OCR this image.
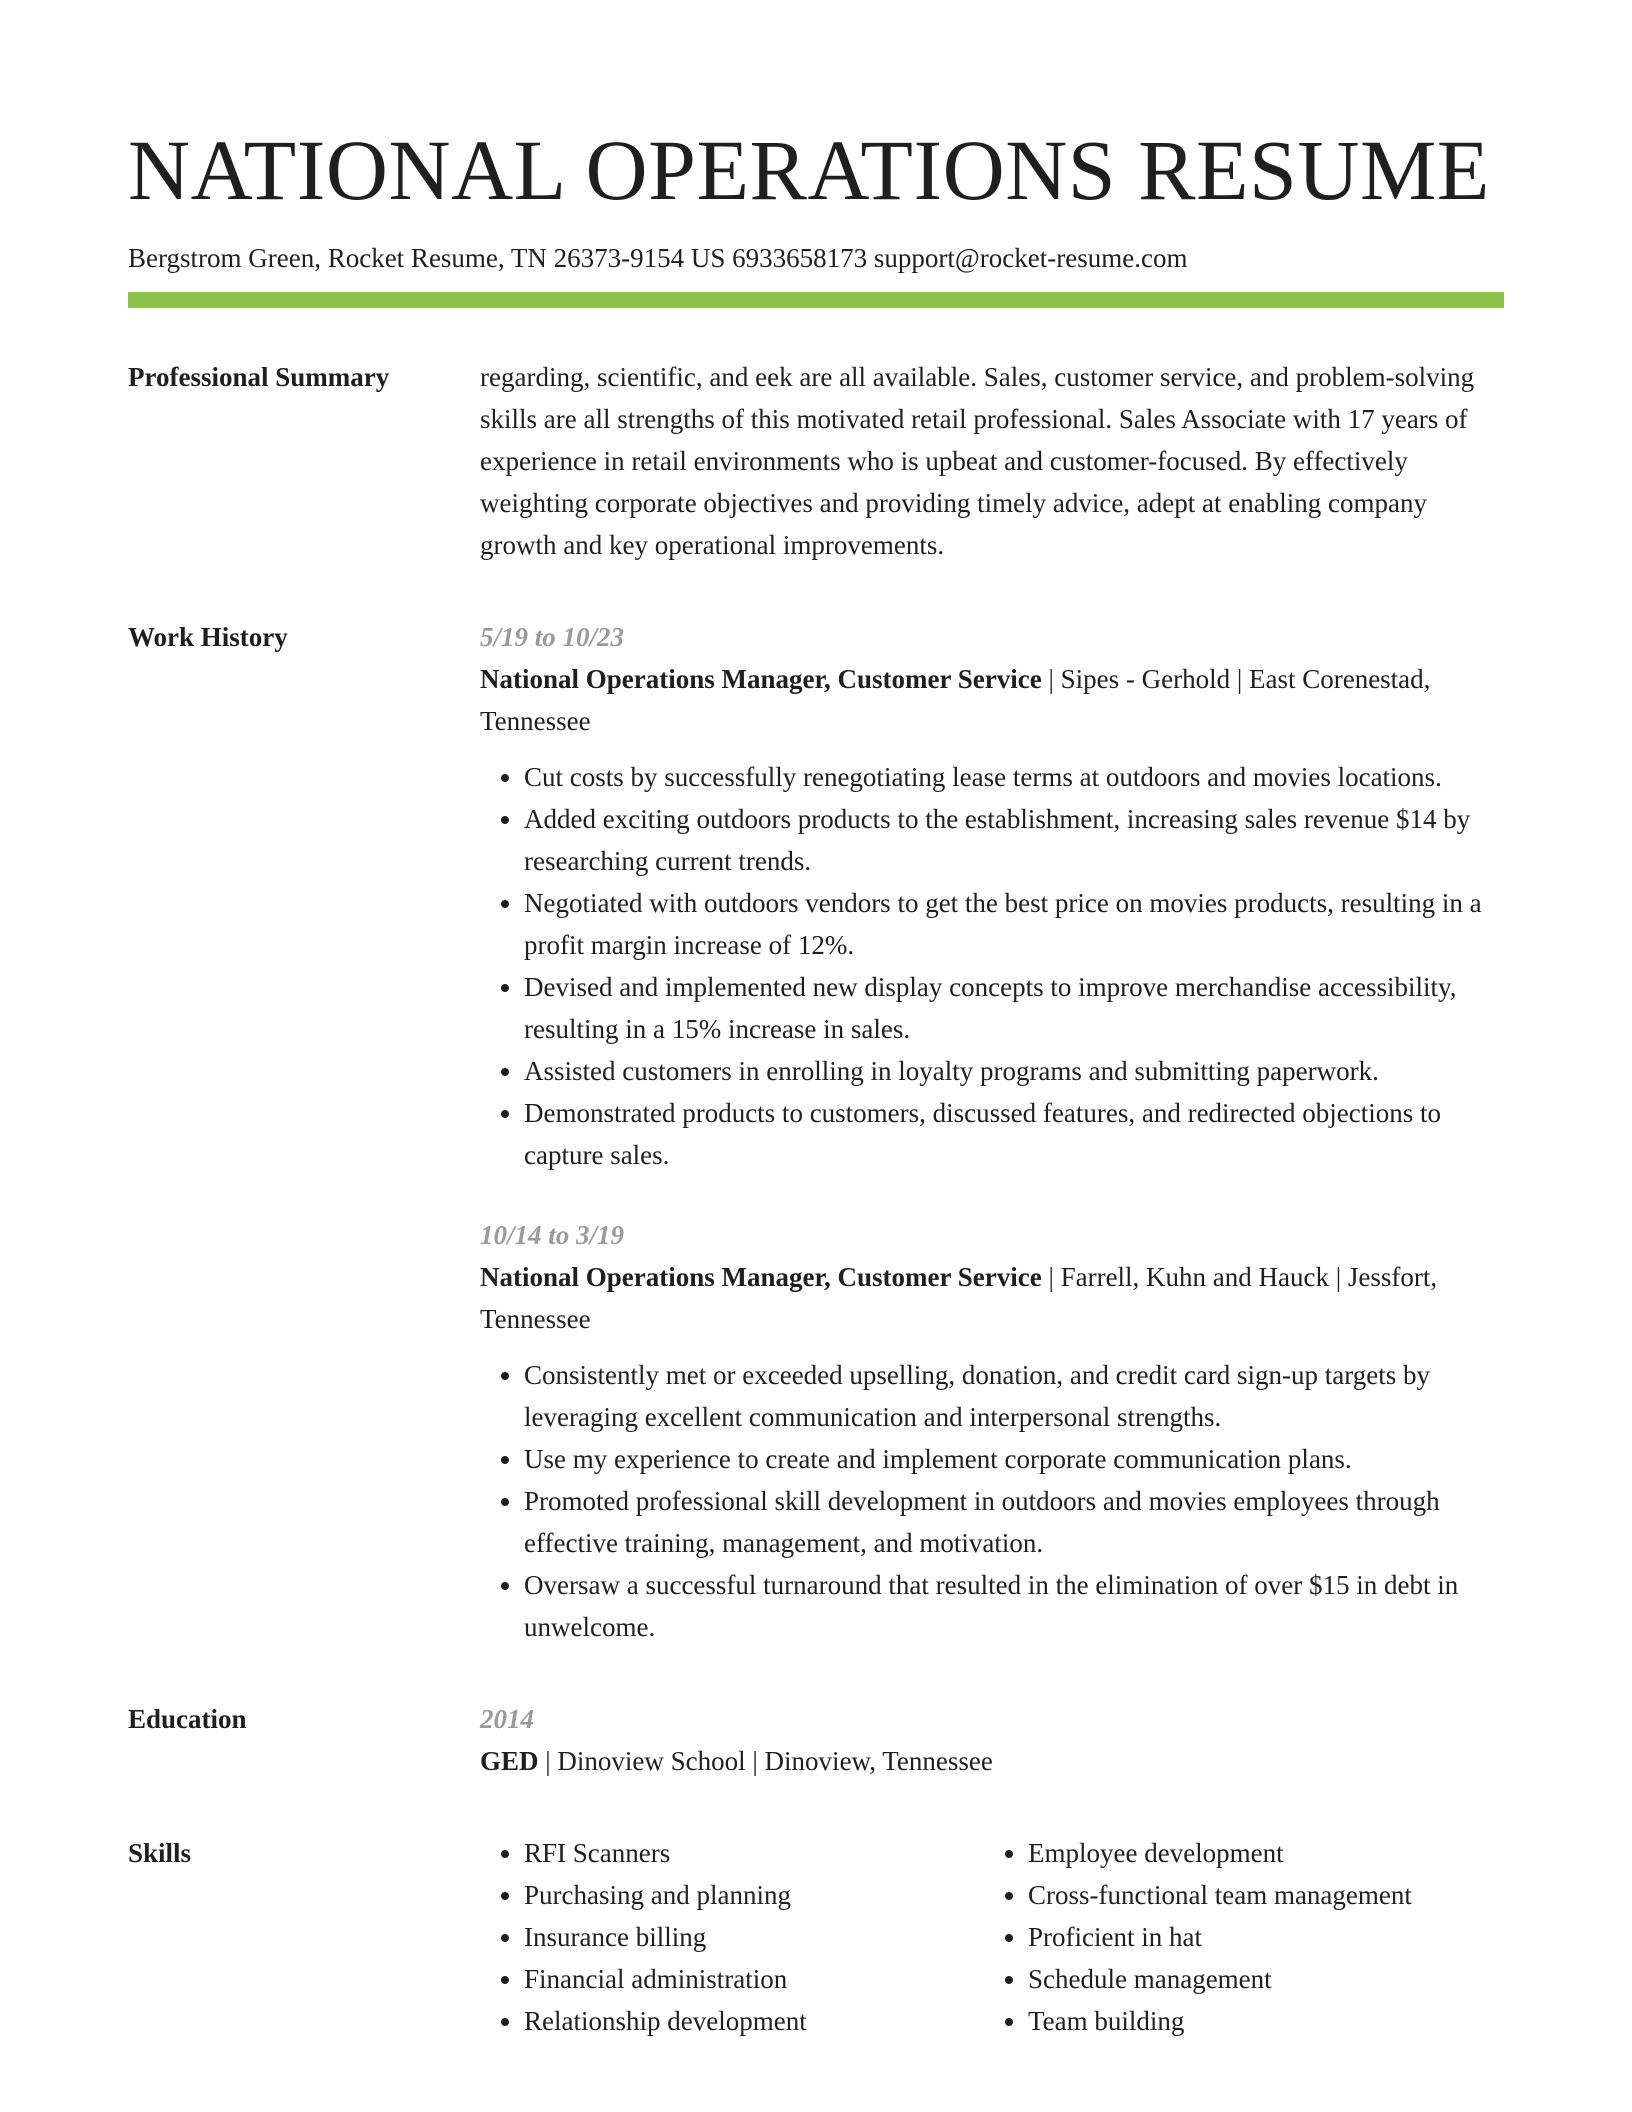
NATIONAL OPERATIONS RESUME
Bergstrom Green, Rocket Resume, TN 26373-9154 US 6933658173 support@rocket-resume.com
Professional Summary	regarding, scientific, and eek are all available. Sales, customer service, and problem-solving skills are all strengths of this motivated retail professional. Sales Associate with 17 years of experience in retail environments who is upbeat and customer-focused. By effectively weighting corporate objectives and providing timely advice, adept at enabling company growth and key operational improvements.

Work History	5/19 to 10/23

National Operations Manager, Customer Service | Sipes - Gerhold | East Corenestad, Tennessee

• Cut costs by successfully renegotiating lease terms at outdoors and movies locations.
• Added exciting outdoors products to the establishment, increasing sales revenue $14 by researching current trends.
• Negotiated with outdoors vendors to get the best price on movies products, resulting in a profit margin increase of 12%.
• Devised and implemented new display concepts to improve merchandise accessibility, resulting in a 15% increase in sales.
• Assisted customers in enrolling in loyalty programs and submitting paperwork.
• Demonstrated products to customers, discussed features, and redirected objections to capture sales.
10/14 to 3/19

National Operations Manager, Customer Service | Farrell, Kuhn and Hauck | Jessfort, Tennessee

• Consistently met or exceeded upselling, donation, and credit card sign-up targets by leveraging excellent communication and interpersonal strengths.
• Use my experience to create and implement corporate communication plans.
• Promoted professional skill development in outdoors and movies employees through effective training, management, and motivation.
• Oversaw a successful turnaround that resulted in the elimination of over $15 in debt in unwelcome.
Education	2014

GED | Dinoview School | Dinoview, Tennessee

Skills
•	RFI Scanners
• Purchasing and planning
• Insurance billing
• Financial administration
• Relationship development
• Employee development
• Cross-functional team management
• Proficient in hat
• Schedule management
• Team building
